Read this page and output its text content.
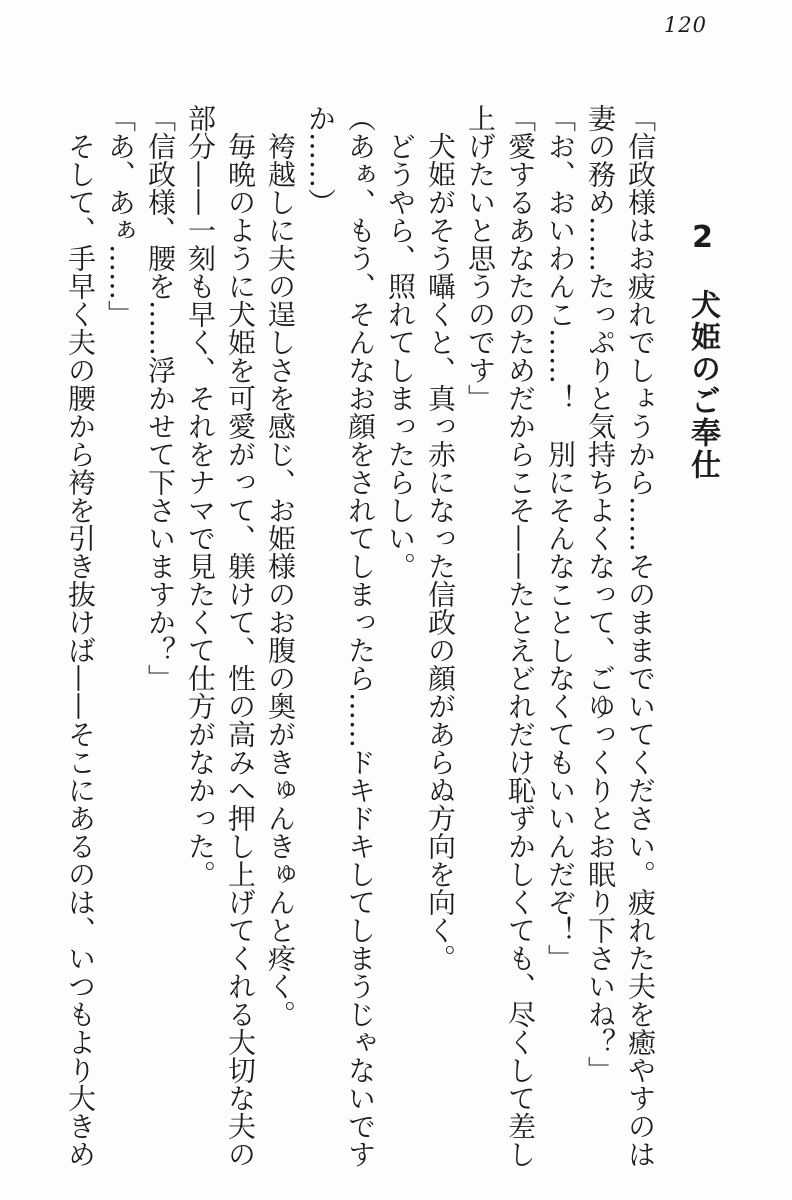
120
2　犬姫のご奉仕
「信政様はお疲れでしょうから……そのままでいてください。疲れた夫を癒やすのは
妻の務め……たっぷりと気持ちよくなって、ごゆっくりとお眠り下さいね？」
「お、おいわんこ……！　別にそんなことしなくてもいいんだぞ！」
「愛するあなたのためだからこそ——たとえどれだけ恥ずかしくても、尽くして差し
上げたいと思うのです」
犬姫がそう囁くと、真っ赤になった信政の顔があらぬ方向を向く。
どうやら、照れてしまったらしい。
（あぁ、もう、そんなお顔をされてしまったら……ドキドキしてしまうじゃないです
か……）
袴越しに夫の逞しさを感じ、お姫様のお腹の奥がきゅんきゅんと疼く。
毎晩のように犬姫を可愛がって、躾けて、性の高みへ押し上げてくれる大切な夫の
部分——一刻も早く、それをナマで見たくて仕方がなかった。
「信政様、腰を……浮かせて下さいますか？」
「あ、あぁ……」
そして、手早く夫の腰から袴を引き抜けば——そこにあるのは、いつもより大きめ
